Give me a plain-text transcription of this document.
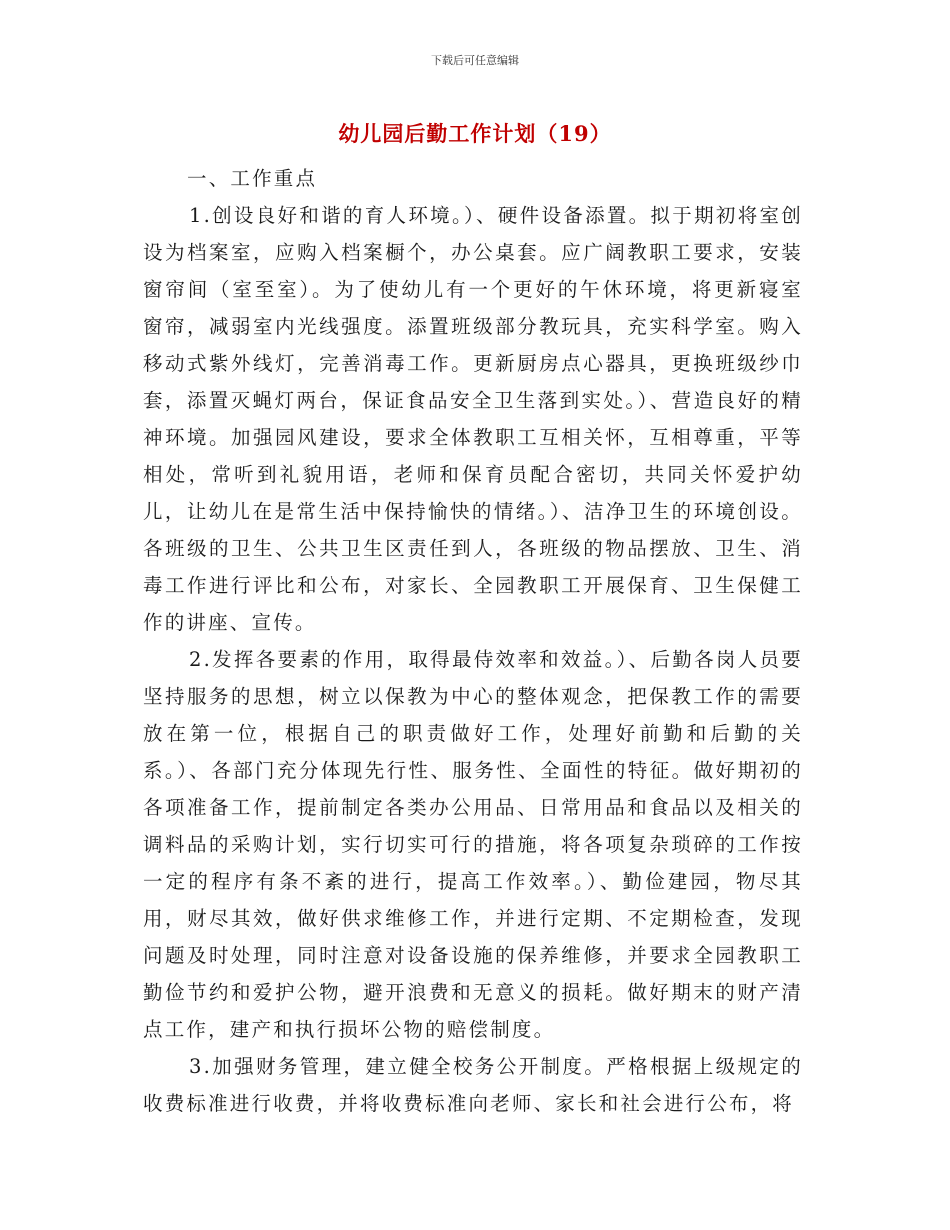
下载后可任意编辑
幼儿园后勤工作计划（19）

一、工作重点

1.创设良好和谐的育人环境。）、硬件设备添置。拟于期初将室创设为档案室，应购入档案橱个，办公桌套。应广阔教职工要求，安装窗帘间（室至室）。为了使幼儿有一个更好的午休环境，将更新寝室窗帘，减弱室内光线强度。添置班级部分教玩具，充实科学室。购入移动式紫外线灯，完善消毒工作。更新厨房点心器具，更换班级纱巾套，添置灭蝇灯两台，保证食品安全卫生落到实处。）、营造良好的精神环境。加强园风建设，要求全体教职工互相关怀，互相尊重，平等相处，常听到礼貌用语，老师和保育员配合密切，共同关怀爱护幼儿，让幼儿在是常生活中保持愉快的情绪。）、洁净卫生的环境创设。各班级的卫生、公共卫生区责任到人，各班级的物品摆放、卫生、消毒工作进行评比和公布，对家长、全园教职工开展保育、卫生保健工作的讲座、宣传。

2.发挥各要素的作用，取得最侍效率和效益。）、后勤各岗人员要坚持服务的思想，树立以保教为中心的整体观念，把保教工作的需要放在第一位，根据自己的职责做好工作，处理好前勤和后勤的关系。）、各部门充分体现先行性、服务性、全面性的特征。做好期初的各项准备工作，提前制定各类办公用品、日常用品和食品以及相关的调料品的采购计划，实行切实可行的措施，将各项复杂琐碎的工作按一定的程序有条不紊的进行，提高工作效率。）、勤俭建园，物尽其用，财尽其效，做好供求维修工作，并进行定期、不定期检查，发现问题及时处理，同时注意对设备设施的保养维修，并要求全园教职工勤俭节约和爱护公物，避开浪费和无意义的损耗。做好期末的财产清点工作，建产和执行损坏公物的赔偿制度。

3.加强财务管理，建立健全校务公开制度。严格根据上级规定的收费标准进行收费，并将收费标准向老师、家长和社会进行公布，将
